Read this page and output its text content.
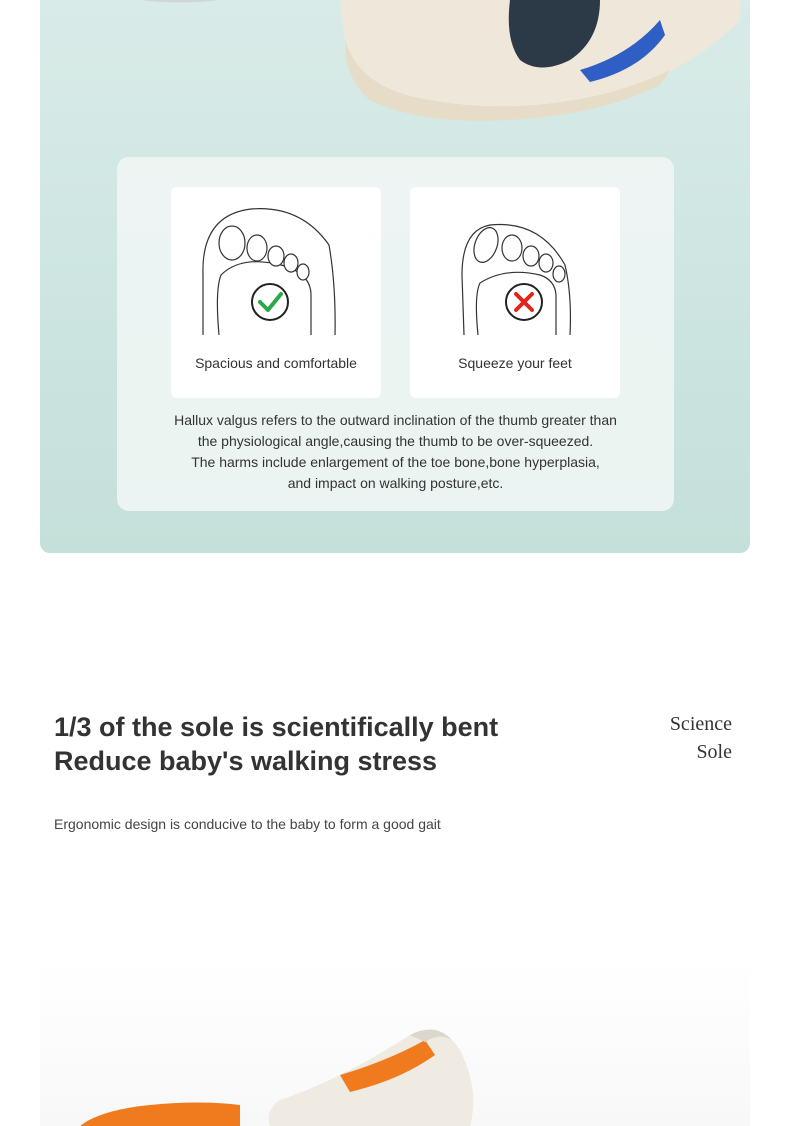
Spacious and comfortable	Squeeze your feet
Hallux valgus refers to the outward inclination of the thumb greater than
the physiological angle,causing the thumb to be over-squeezed.
The harms include enlargement of the toe bone,bone hyperplasia,
and impact on walking posture,etc.
1/3 of the sole is scientifically bent
Reduce baby's walking stress
Science
Sole
Ergonomic design is conducive to the baby to form a good gait
